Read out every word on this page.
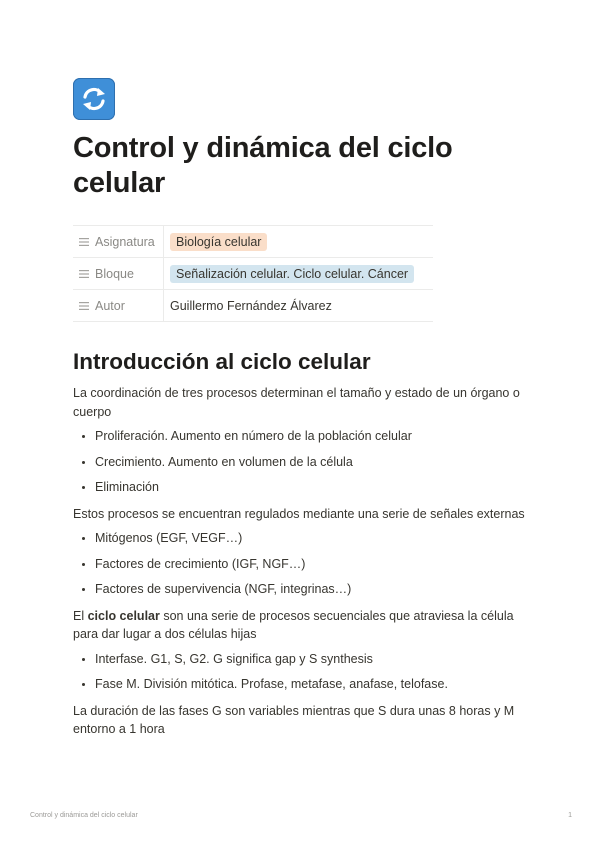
Control y dinámica del ciclo celular
Asignatura	Biología celular
Bloque	Señalización celular. Ciclo celular. Cáncer
Autor	Guillermo Fernández Álvarez
Introducción al ciclo celular

La coordinación de tres procesos determinan el tamaño y estado de un órgano o cuerpo

• Proliferación. Aumento en número de la población celular
• Crecimiento. Aumento en volumen de la célula
• Eliminación

Estos procesos se encuentran regulados mediante una serie de señales externas

• Mitógenos (EGF, VEGF…)
• Factores de crecimiento (IGF, NGF…)
• Factores de supervivencia (NGF, integrinas…)

El ciclo celular son una serie de procesos secuenciales que atraviesa la célula para dar lugar a dos células hijas

• Interfase. G1, S, G2. G significa gap y S synthesis
• Fase M. División mitótica. Profase, metafase, anafase, telofase.

La duración de las fases G son variables mientras que S dura unas 8 horas y M entorno a 1 hora

Control y dinámica del ciclo celular	1
